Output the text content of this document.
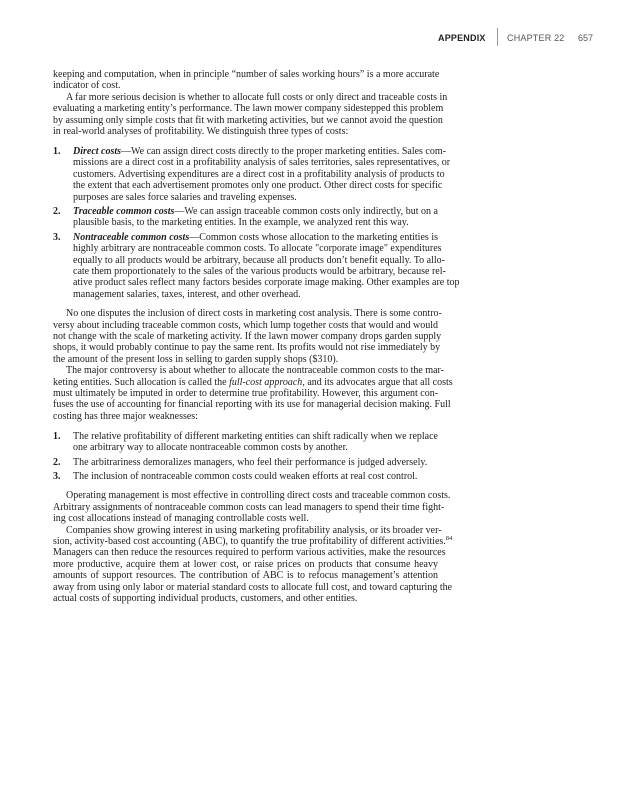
APPENDIX CHAPTER 22 657
keeping and computation, when in principle “number of sales working hours” is a more accurate
indicator of cost.
A far more serious decision is whether to allocate full costs or only direct and traceable costs in
evaluating a marketing entity’s performance. The lawn mower company sidestepped this problem
by assuming only simple costs that fit with marketing activities, but we cannot avoid the question
in real-world analyses of profitability. We distinguish three types of costs:
1. Direct costs—We can assign direct costs directly to the proper marketing entities. Sales com-
missions are a direct cost in a profitability analysis of sales territories, sales representatives, or
customers. Advertising expenditures are a direct cost in a profitability analysis of products to
the extent that each advertisement promotes only one product. Other direct costs for specific
purposes are sales force salaries and traveling expenses.
2. Traceable common costs—We can assign traceable common costs only indirectly, but on a
plausible basis, to the marketing entities. In the example, we analyzed rent this way.
3. Nontraceable common costs—Common costs whose allocation to the marketing entities is
highly arbitrary are nontraceable common costs. To allocate "corporate image" expenditures
equally to all products would be arbitrary, because all products don’t benefit equally. To allo-
cate them proportionately to the sales of the various products would be arbitrary, because rel-
ative product sales reflect many factors besides corporate image making. Other examples are top
management salaries, taxes, interest, and other overhead.
No one disputes the inclusion of direct costs in marketing cost analysis. There is some contro-
versy about including traceable common costs, which lump together costs that would and would
not change with the scale of marketing activity. If the lawn mower company drops garden supply
shops, it would probably continue to pay the same rent. Its profits would not rise immediately by
the amount of the present loss in selling to garden supply shops ($310).
The major controversy is about whether to allocate the nontraceable common costs to the mar-
keting entities. Such allocation is called the full-cost approach, and its advocates argue that all costs
must ultimately be imputed in order to determine true profitability. However, this argument con-
fuses the use of accounting for financial reporting with its use for managerial decision making. Full
costing has three major weaknesses:
1. The relative profitability of different marketing entities can shift radically when we replace
one arbitrary way to allocate nontraceable common costs by another.
2. The arbitrariness demoralizes managers, who feel their performance is judged adversely.
3. The inclusion of nontraceable common costs could weaken efforts at real cost control.
Operating management is most effective in controlling direct costs and traceable common costs.
Arbitrary assignments of nontraceable common costs can lead managers to spend their time fight-
ing cost allocations instead of managing controllable costs well.
Companies show growing interest in using marketing profitability analysis, or its broader ver-
sion, activity-based cost accounting (ABC), to quantify the true profitability of different activities.$^{84}$
Managers can then reduce the resources required to perform various activities, make the resources
more productive, acquire them at lower cost, or raise prices on products that consume heavy
amounts of support resources. The contribution of ABC is to refocus management’s attention
away from using only labor or material standard costs to allocate full cost, and toward capturing the
actual costs of supporting individual products, customers, and other entities.
